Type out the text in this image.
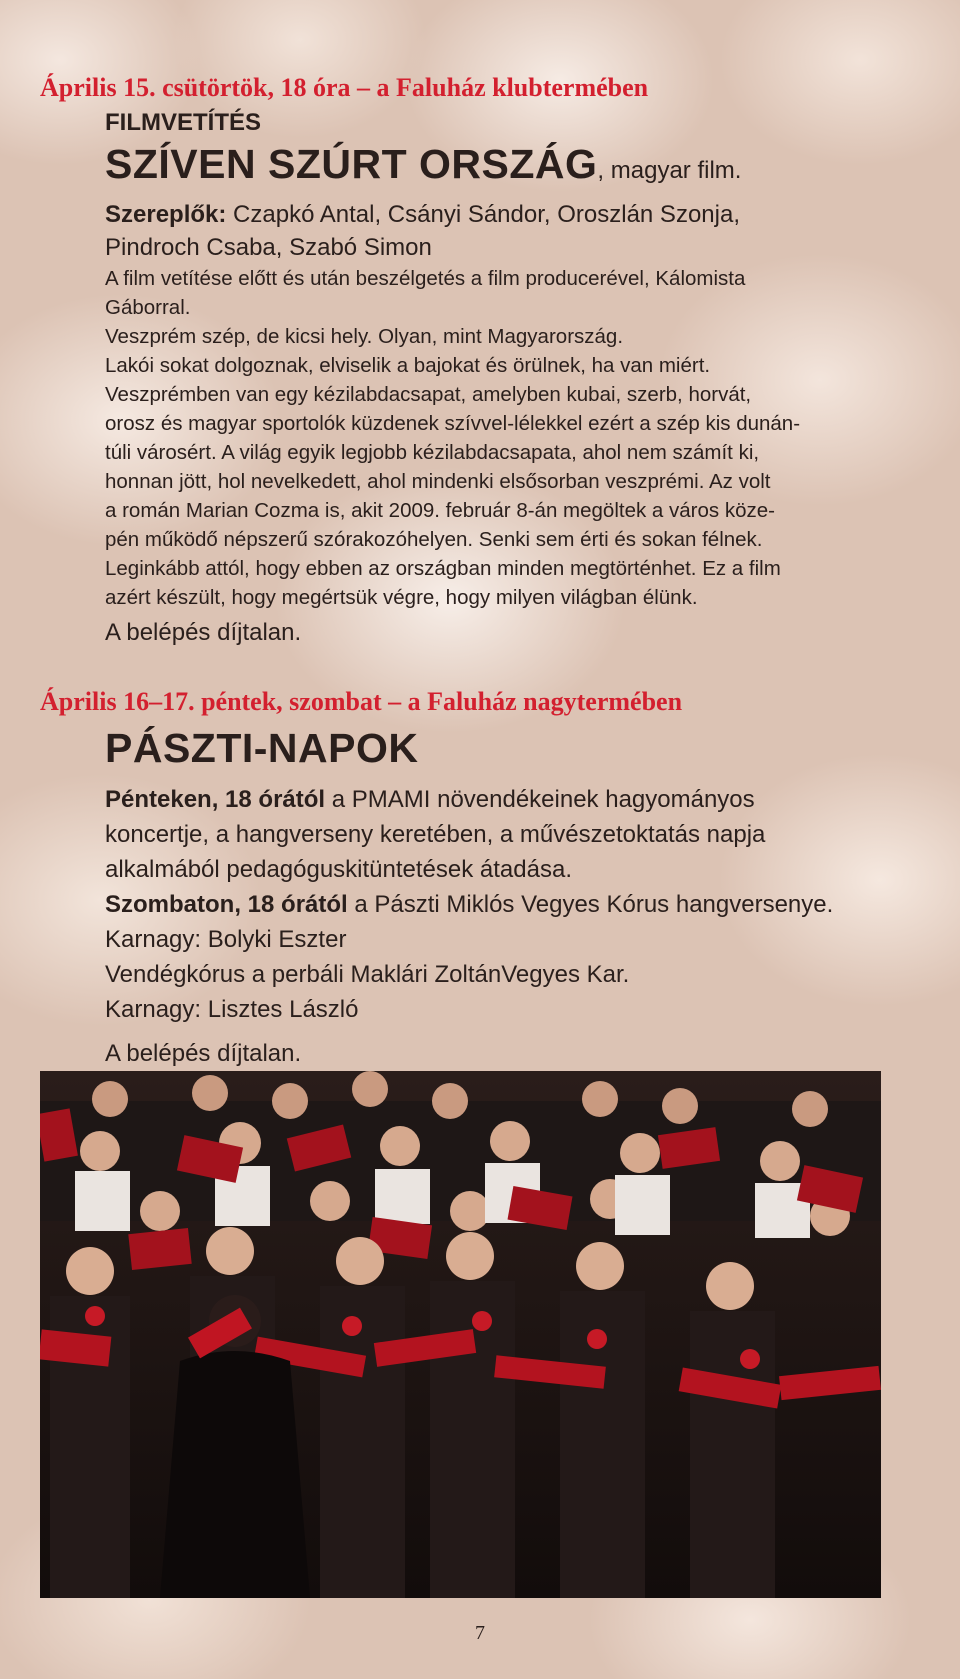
Április 15. csütörtök, 18 óra – a Faluház klubtermében
FILMVETÍTÉS
SZÍVEN SZÚRT ORSZÁG, magyar film.
Szereplők: Czapkó Antal, Csányi Sándor, Oroszlán Szonja,
Pindroch Csaba, Szabó Simon
A film vetítése előtt és után beszélgetés a film producerével, Kálomista
Gáborral.
Veszprém szép, de kicsi hely. Olyan, mint Magyarország.
Lakói sokat dolgoznak, elviselik a bajokat és örülnek, ha van miért.
Veszprémben van egy kézilabdacsapat, amelyben kubai, szerb, horvát,
orosz és magyar sportolók küzdenek szívvel-lélekkel ezért a szép kis dunán-
túli városért. A világ egyik legjobb kézilabdacsapata, ahol nem számít ki,
honnan jött, hol nevelkedett, ahol mindenki elsősorban veszprémi. Az volt
a román Marian Cozma is, akit 2009. február 8-án megöltek a város köze-
pén működő népszerű szórakozóhelyen. Senki sem érti és sokan félnek.
Leginkább attól, hogy ebben az országban minden megtörténhet. Ez a film
azért készült, hogy megértsük végre, hogy milyen világban élünk.
A belépés díjtalan.
Április 16–17. péntek, szombat – a Faluház nagytermében
PÁSZTI-NAPOK
Pénteken, 18 órától a PMAMI növendékeinek hagyományos
koncertje, a hangverseny keretében, a művészetoktatás napja
alkalmából pedagóguskitüntetések átadása.
Szombaton, 18 órától a Pászti Miklós Vegyes Kórus hangversenye.
Karnagy: Bolyki Eszter
Vendégkórus a perbáli Maklári ZoltánVegyes Kar.
Karnagy: Lisztes László
A belépés díjtalan.
7
